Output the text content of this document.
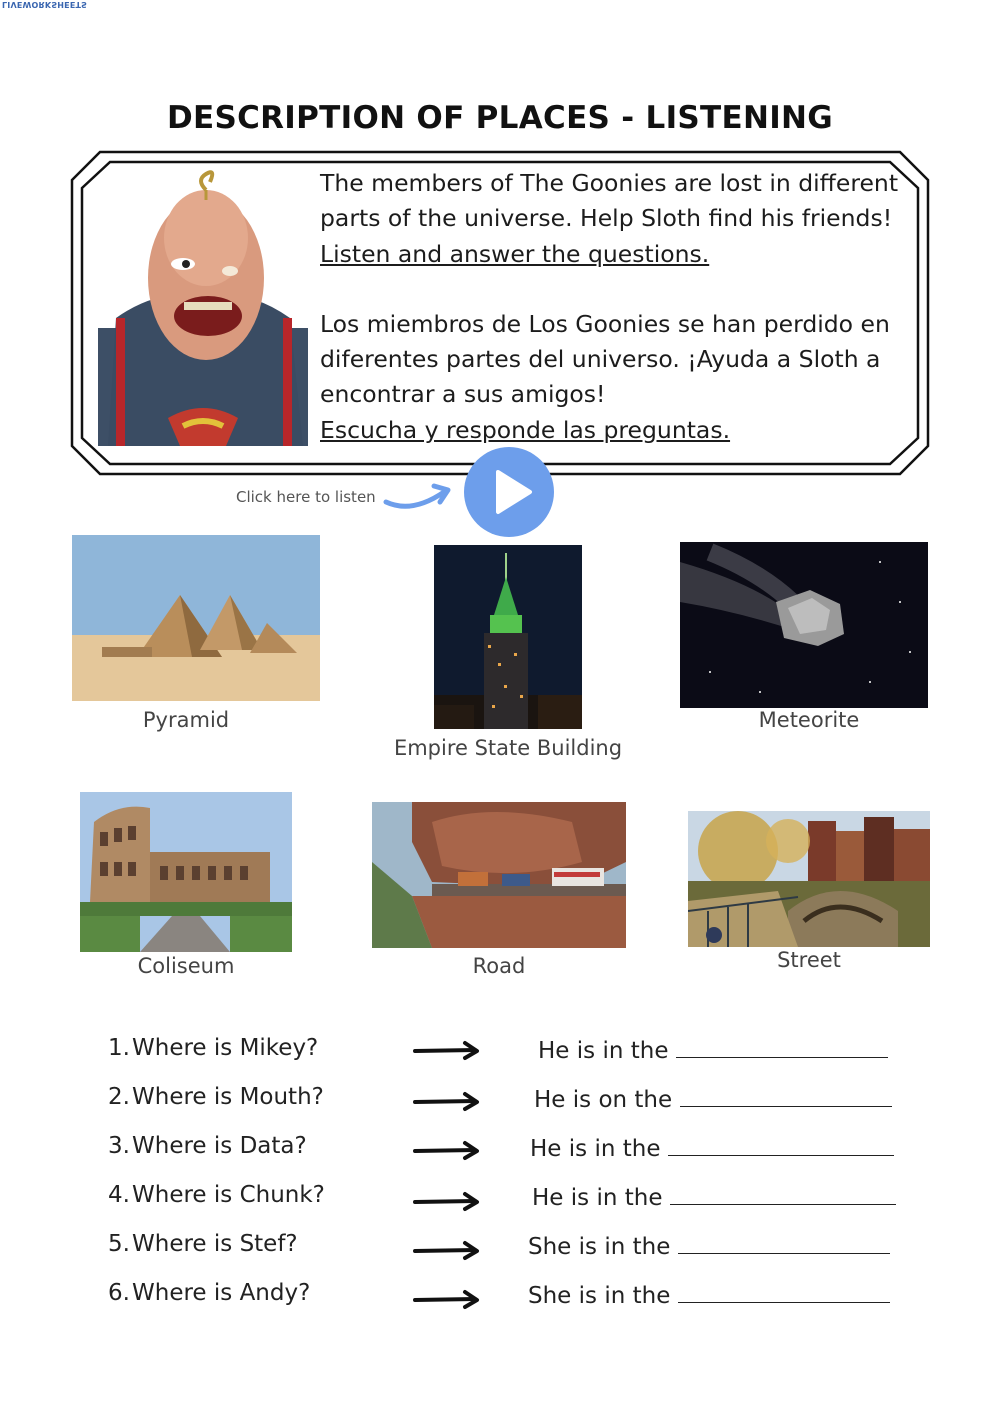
LIVEWORKSHEETS
DESCRIPTION OF PLACES - LISTENING

The members of The Goonies are lost in different

parts of the universe. Help Sloth find his friends!

Listen and answer the questions.

Los miembros de Los Goonies se han perdido en

diferentes partes del universo. ¡Ayuda a Sloth a

encontrar a sus amigos!

Escucha y responde las preguntas.

Click here to listen
Pyramid
Empire State Building
Meteorite
Coliseum	Road	Street
1. Where is Mikey?	He is in the
2. Where is Mouth?	He is on the
3. Where is Data?	He is in the
4. Where is Chunk?	He is in the
5. Where is Stef?	She is in the
6. Where is Andy?	She is in the
